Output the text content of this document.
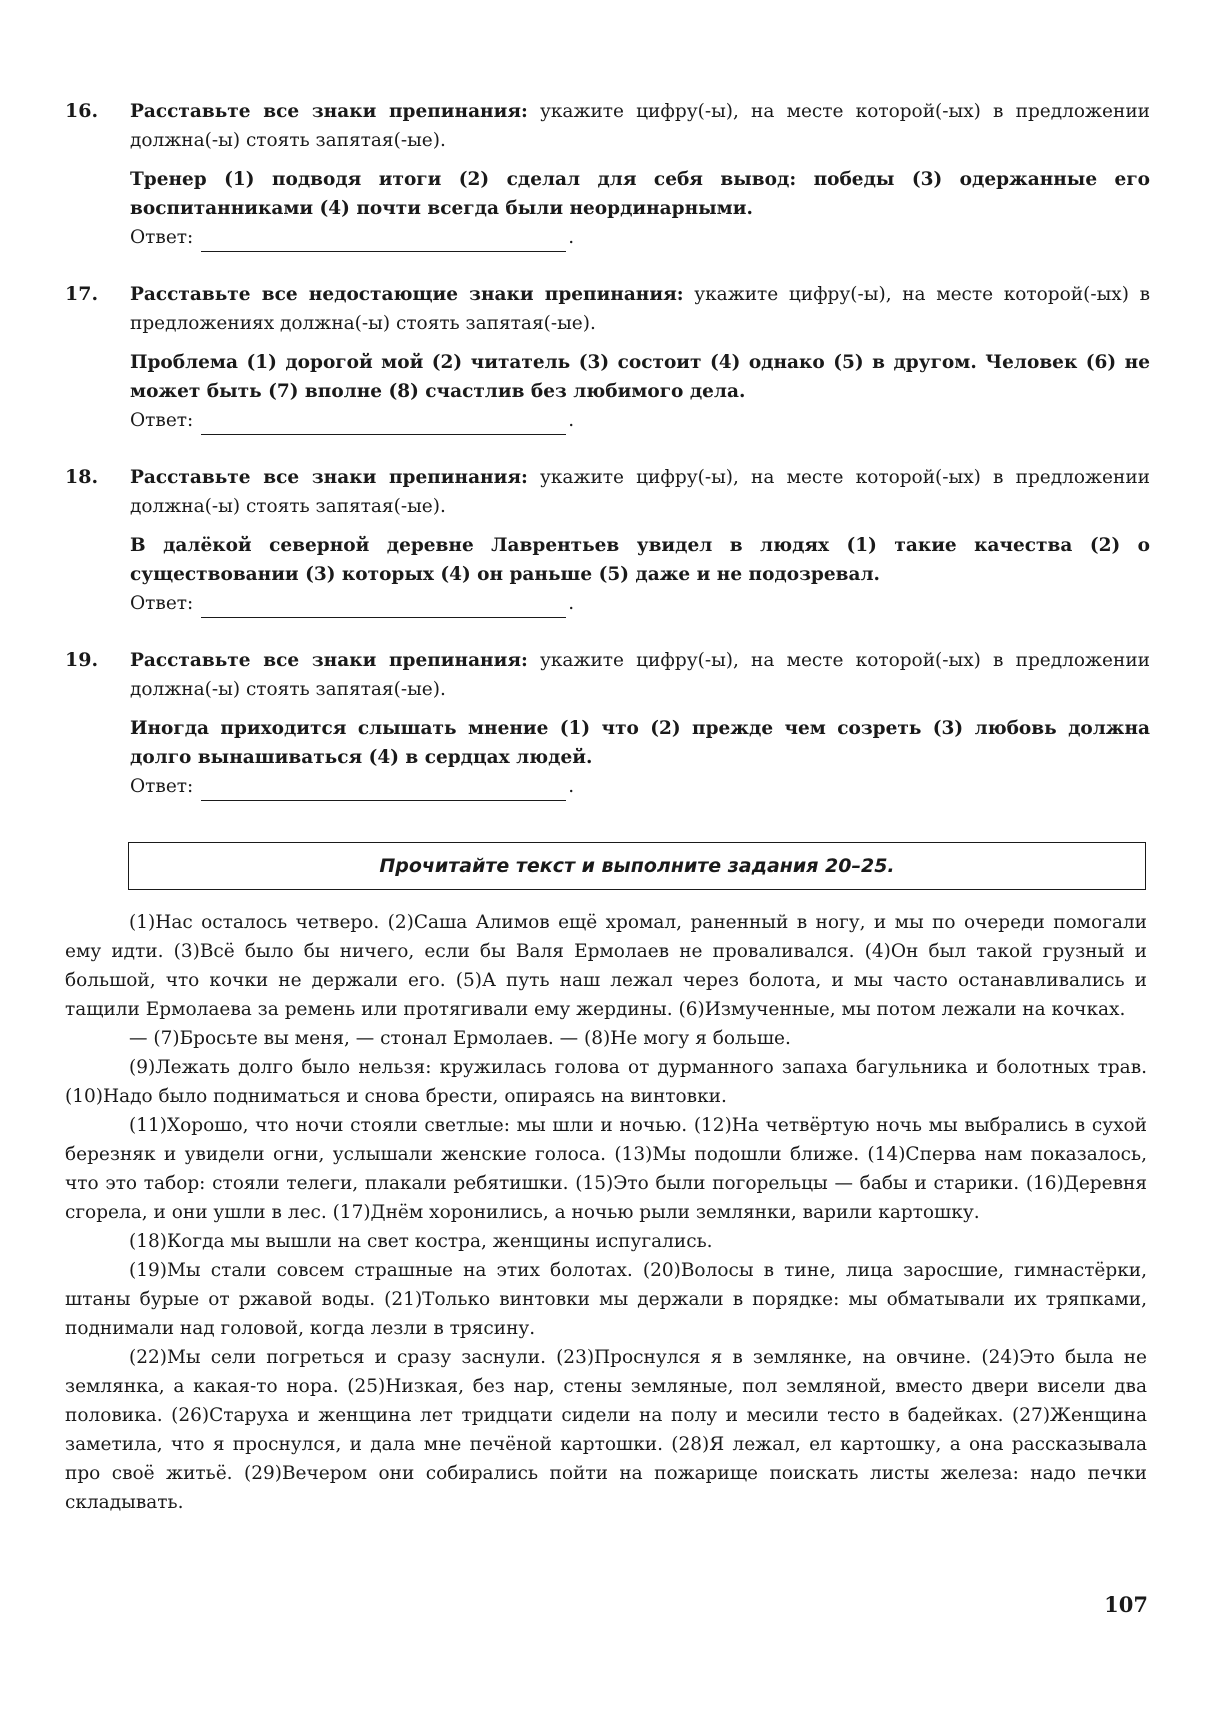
16. Расставьте все знаки препинания: укажите цифру(-ы), на месте которой(-ых) в предложении должна(-ы) стоять запятая(-ые).

Тренер (1) подводя итоги (2) сделал для себя вывод: победы (3) одержанные его воспитанниками (4) почти всегда были неординарными.

Ответ:	.

17. Расставьте все недостающие знаки препинания: укажите цифру(-ы), на месте которой(-ых) в предложениях должна(-ы) стоять запятая(-ые).

Проблема (1) дорогой мой (2) читатель (3) состоит (4) однако (5) в другом. Человек (6) не может быть (7) вполне (8) счастлив без любимого дела.

Ответ:	.

18. Расставьте все знаки препинания: укажите цифру(-ы), на месте которой(-ых) в предложении должна(-ы) стоять запятая(-ые).

В далёкой северной деревне Лаврентьев увидел в людях (1) такие качества (2) о существовании (3) которых (4) он раньше (5) даже и не подозревал.

Ответ:	.

19. Расставьте все знаки препинания: укажите цифру(-ы), на месте которой(-ых) в предложении должна(-ы) стоять запятая(-ые).

Иногда приходится слышать мнение (1) что (2) прежде чем созреть (3) любовь должна долго вынашиваться (4) в сердцах людей.

Ответ:	.

Прочитайте текст и выполните задания 20–25.

(1)Нас осталось четверо. (2)Саша Алимов ещё хромал, раненный в ногу, и мы по очереди помогали ему идти. (3)Всё было бы ничего, если бы Валя Ермолаев не проваливался. (4)Он был такой грузный и большой, что кочки не держали его. (5)А путь наш лежал через болота, и мы часто останавливались и тащили Ермолаева за ремень или протягивали ему жердины. (6)Измученные, мы потом лежали на кочках.

— (7)Бросьте вы меня, — стонал Ермолаев. — (8)Не могу я больше.

(9)Лежать долго было нельзя: кружилась голова от дурманного запаха багульника и болотных трав. (10)Надо было подниматься и снова брести, опираясь на винтовки.

(11)Хорошо, что ночи стояли светлые: мы шли и ночью. (12)На четвёртую ночь мы выбрались в сухой березняк и увидели огни, услышали женские голоса. (13)Мы подошли ближе. (14)Сперва нам показалось, что это табор: стояли телеги, плакали ребятишки. (15)Это были погорельцы — бабы и старики. (16)Деревня сгорела, и они ушли в лес. (17)Днём хоронились, а ночью рыли землянки, варили картошку.

(18)Когда мы вышли на свет костра, женщины испугались.

(19)Мы стали совсем страшные на этих болотах. (20)Волосы в тине, лица заросшие, гимнастёрки, штаны бурые от ржавой воды. (21)Только винтовки мы держали в порядке: мы обматывали их тряпками, поднимали над головой, когда лезли в трясину.

(22)Мы сели погреться и сразу заснули. (23)Проснулся я в землянке, на овчине. (24)Это была не землянка, а какая-то нора. (25)Низкая, без нар, стены земляные, пол земляной, вместо двери висели два половика. (26)Старуха и женщина лет тридцати сидели на полу и месили тесто в бадейках. (27)Женщина заметила, что я проснулся, и дала мне печёной картошки. (28)Я лежал, ел картошку, а она рассказывала про своё житьё. (29)Вечером они собирались пойти на пожарище поискать листы железа: надо печки складывать.

107
